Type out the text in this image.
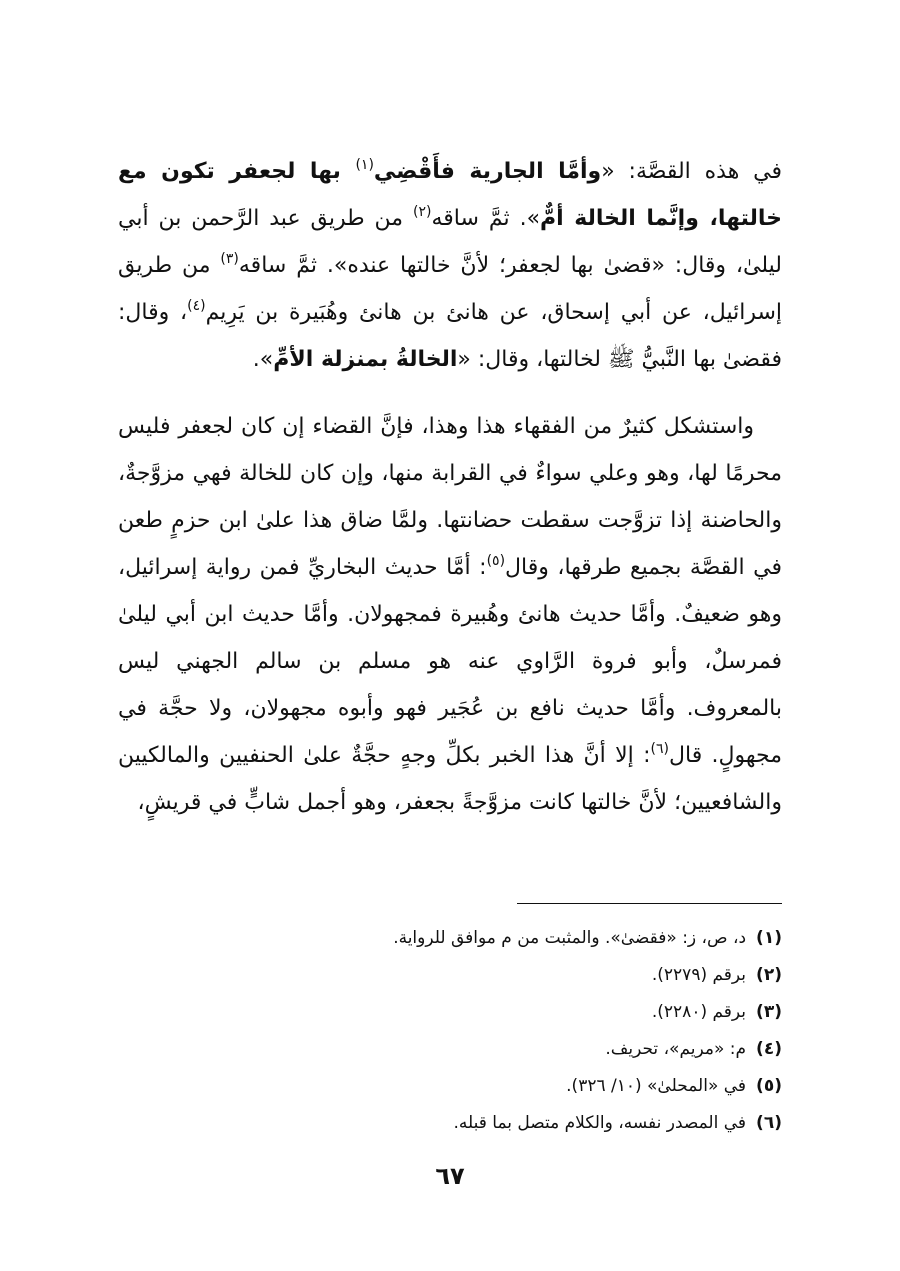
في هذه القصَّة: «وأمَّا الجارية فأَقْضِي$^{(١)}$ بها لجعفر تكون مع خالتها، وإنَّما الخالة أمٌّ». ثمَّ ساقه$^{(٢)}$ من طريق عبد الرَّحمن بن أبي ليلىٰ، وقال: «قضىٰ بها لجعفر؛ لأنَّ خالتها عنده». ثمَّ ساقه$^{(٣)}$ من طريق إسرائيل، عن أبي إسحاق، عن هانئ بن هانئ وهُبَيرة بن يَرِيم$^{(٤)}$، وقال: فقضىٰ بها النَّبيُّ ﷺ لخالتها، وقال: «الخالةُ بمنزلة الأمِّ».

واستشكل كثيرٌ من الفقهاء هذا وهذا، فإنَّ القضاء إن كان لجعفر فليس محرمًا لها، وهو وعلي سواءٌ في القرابة منها، وإن كان للخالة فهي مزوَّجةٌ، والحاضنة إذا تزوَّجت سقطت حضانتها. ولمَّا ضاق هذا علىٰ ابن حزمٍ طعن في القصَّة بجميع طرقها، وقال$^{(٥)}$: أمَّا حديث البخاريِّ فمن رواية إسرائيل، وهو ضعيفٌ. وأمَّا حديث هانئ وهُبيرة فمجهولان. وأمَّا حديث ابن أبي ليلىٰ فمرسلٌ، وأبو فروة الرَّاوي عنه هو مسلم بن سالم الجهني ليس بالمعروف. وأمَّا حديث نافع بن عُجَير فهو وأبوه مجهولان، ولا حجَّة في مجهولٍ. قال$^{(٦)}$: إلا أنَّ هذا الخبر بكلِّ وجهٍ حجَّةٌ علىٰ الحنفيين والمالكيين والشافعيين؛ لأنَّ خالتها كانت مزوَّجةً بجعفر، وهو أجمل شابٍّ في قريشٍ،

(١)د، ص، ز: «فقضىٰ». والمثبت من م موافق للرواية.
(٢)برقم (٢٢٧٩).
(٣)برقم (٢٢٨٠).
(٤)م: «مريم»، تحريف.
(٥)في «المحلىٰ» (١٠/ ٣٢٦).
(٦)في المصدر نفسه، والكلام متصل بما قبله.
٦٧
